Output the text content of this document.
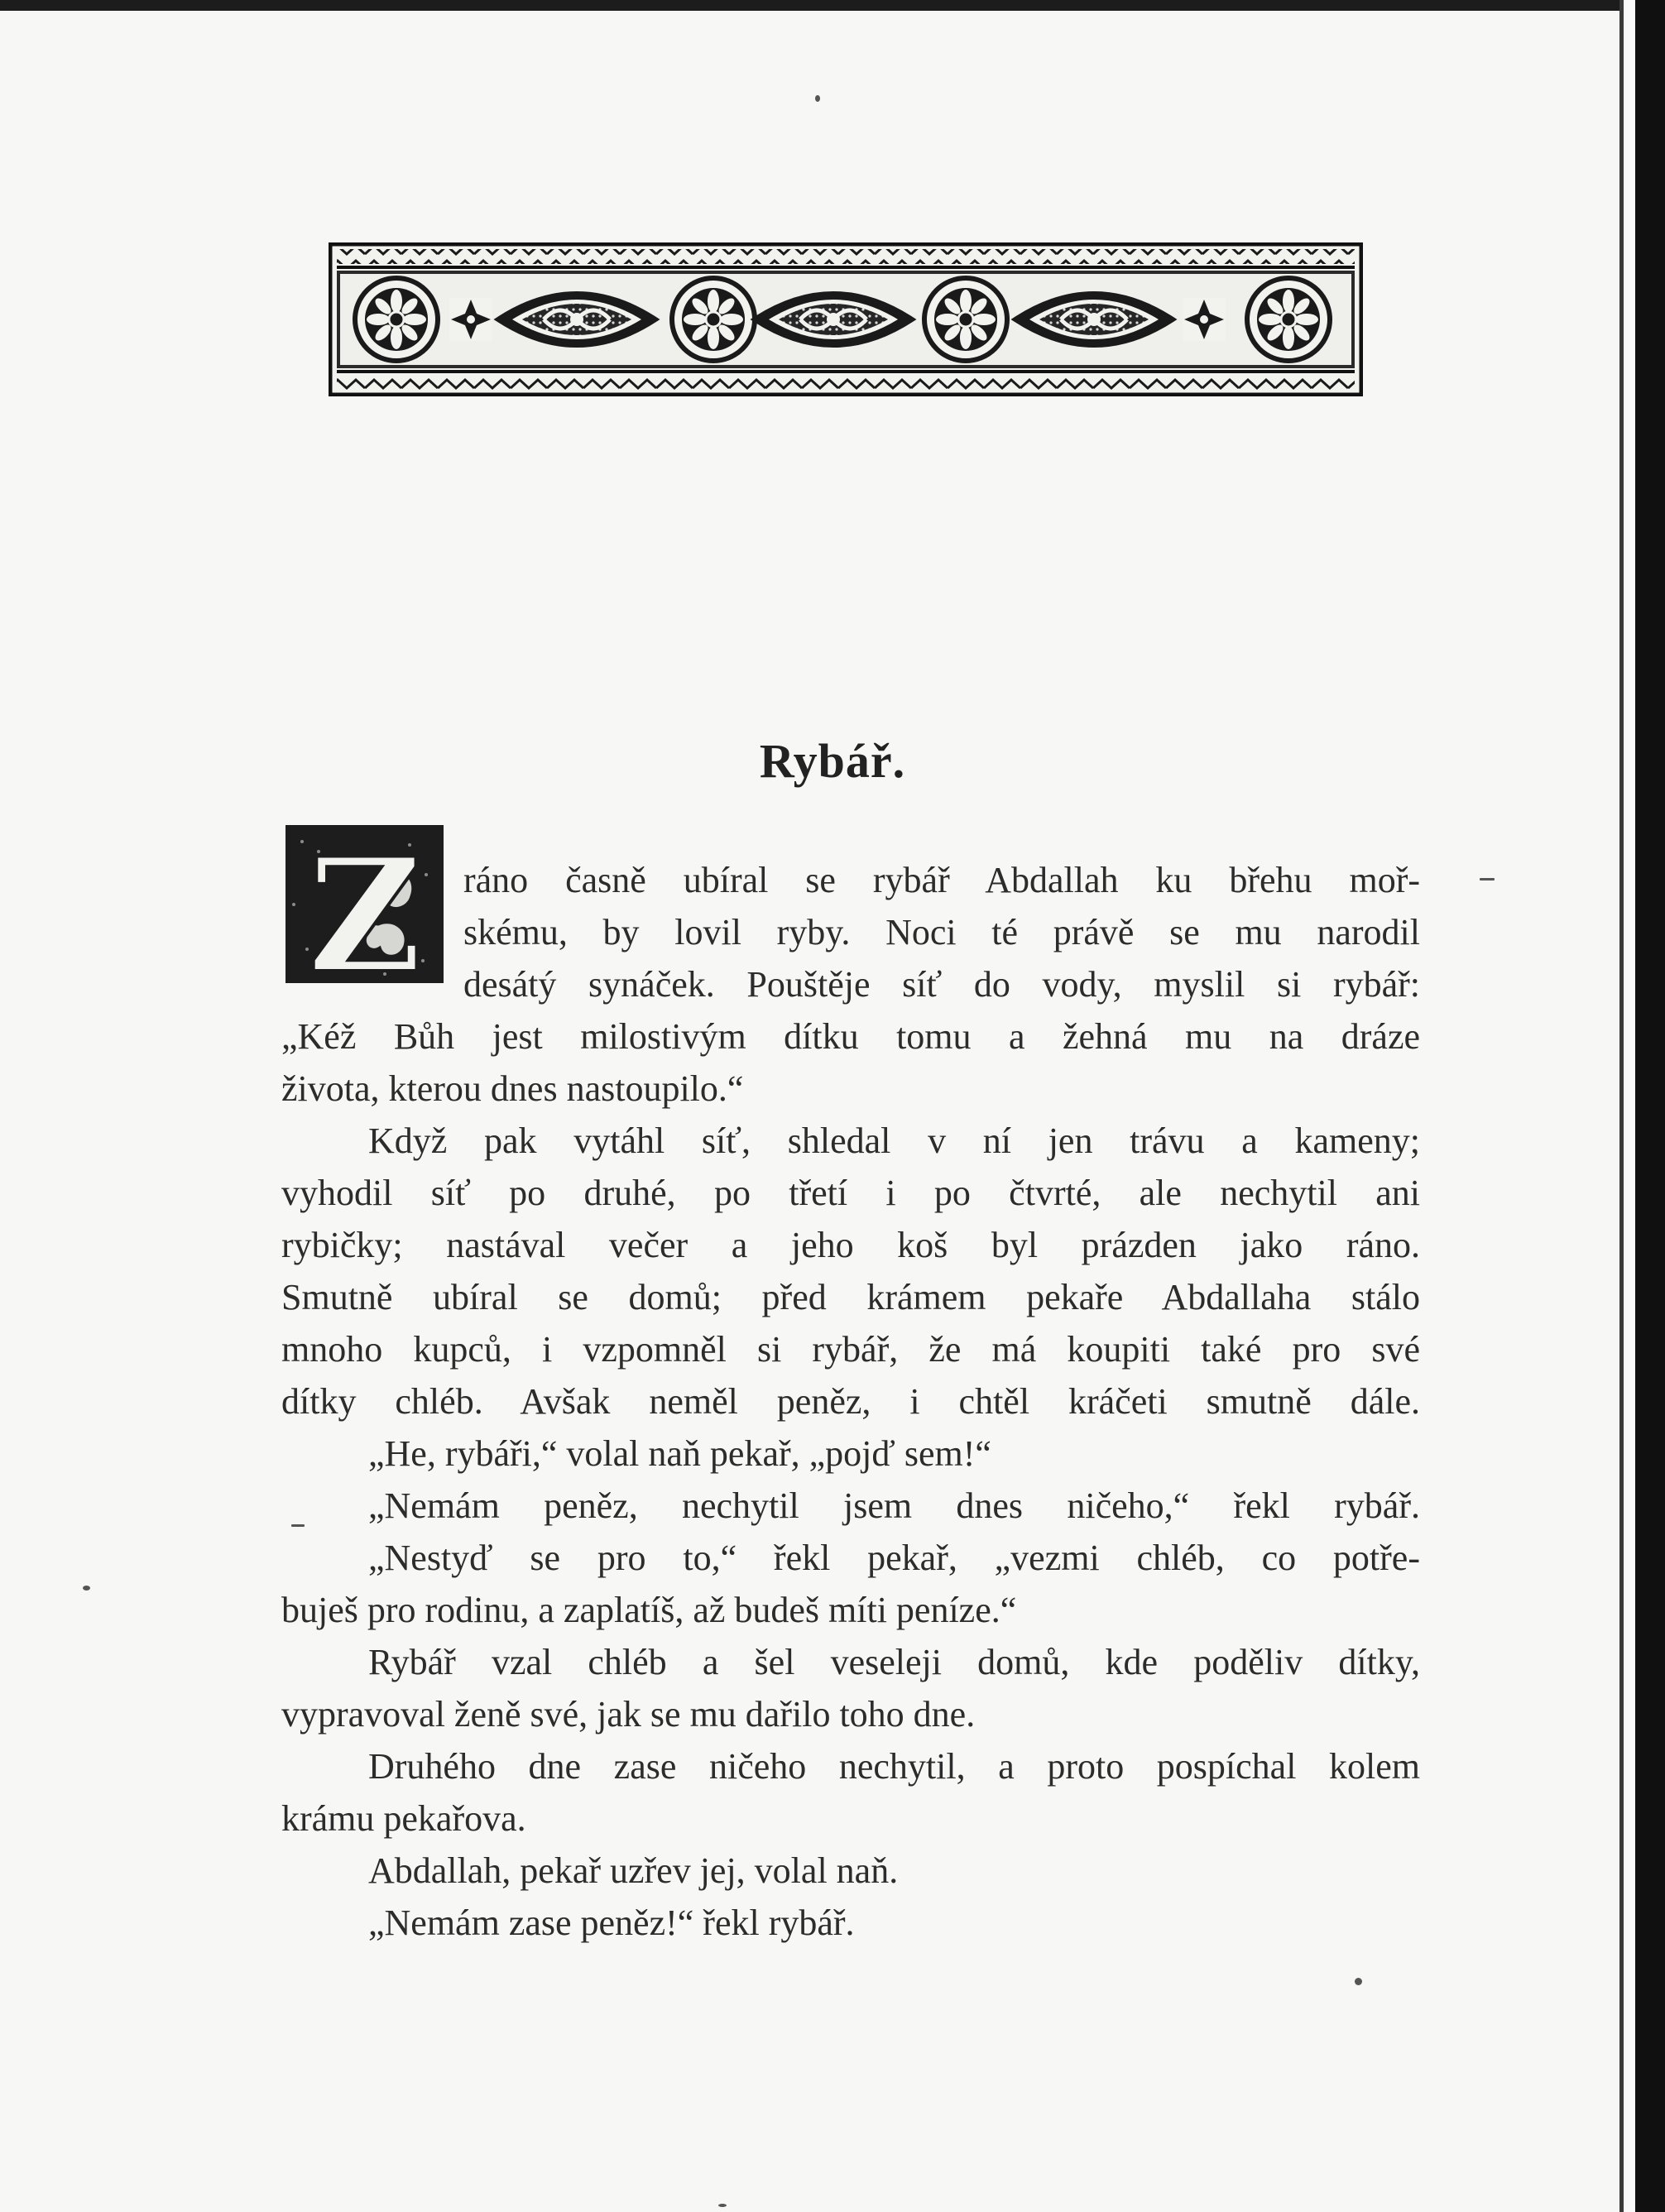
Rybář.
Z	ráno časně ubíral se rybář Abdallah ku břehu moř-
skému, by lovil ryby. Noci té právě se mu narodil
desátý synáček. Pouštěje síť do vody, myslil si rybář:
„Kéž Bůh jest milostivým dítku tomu a žehná mu na dráze
života, kterou dnes nastoupilo.“
Když pak vytáhl síť, shledal v ní jen trávu a kameny;
vyhodil síť po druhé, po třetí i po čtvrté, ale nechytil ani
rybičky; nastával večer a jeho koš byl prázden jako ráno.
Smutně ubíral se domů; před krámem pekaře Abdallaha stálo
mnoho kupců, i vzpomněl si rybář, že má koupiti také pro své
dítky chléb. Avšak neměl peněz, i chtěl kráčeti smutně dále.
„He, rybáři,“ volal naň pekař, „pojď sem!“
„Nemám peněz, nechytil jsem dnes ničeho,“ řekl rybář.
„Nestyď se pro to,“ řekl pekař, „vezmi chléb, co potře-
buješ pro rodinu, a zaplatíš, až budeš míti peníze.“
Rybář vzal chléb a šel veseleji domů, kde poděliv dítky,
vypravoval ženě své, jak se mu dařilo toho dne.
Druhého dne zase ničeho nechytil, a proto pospíchal kolem
krámu pekařova.
Abdallah, pekař uzřev jej, volal naň.
„Nemám zase peněz!“ řekl rybář.
